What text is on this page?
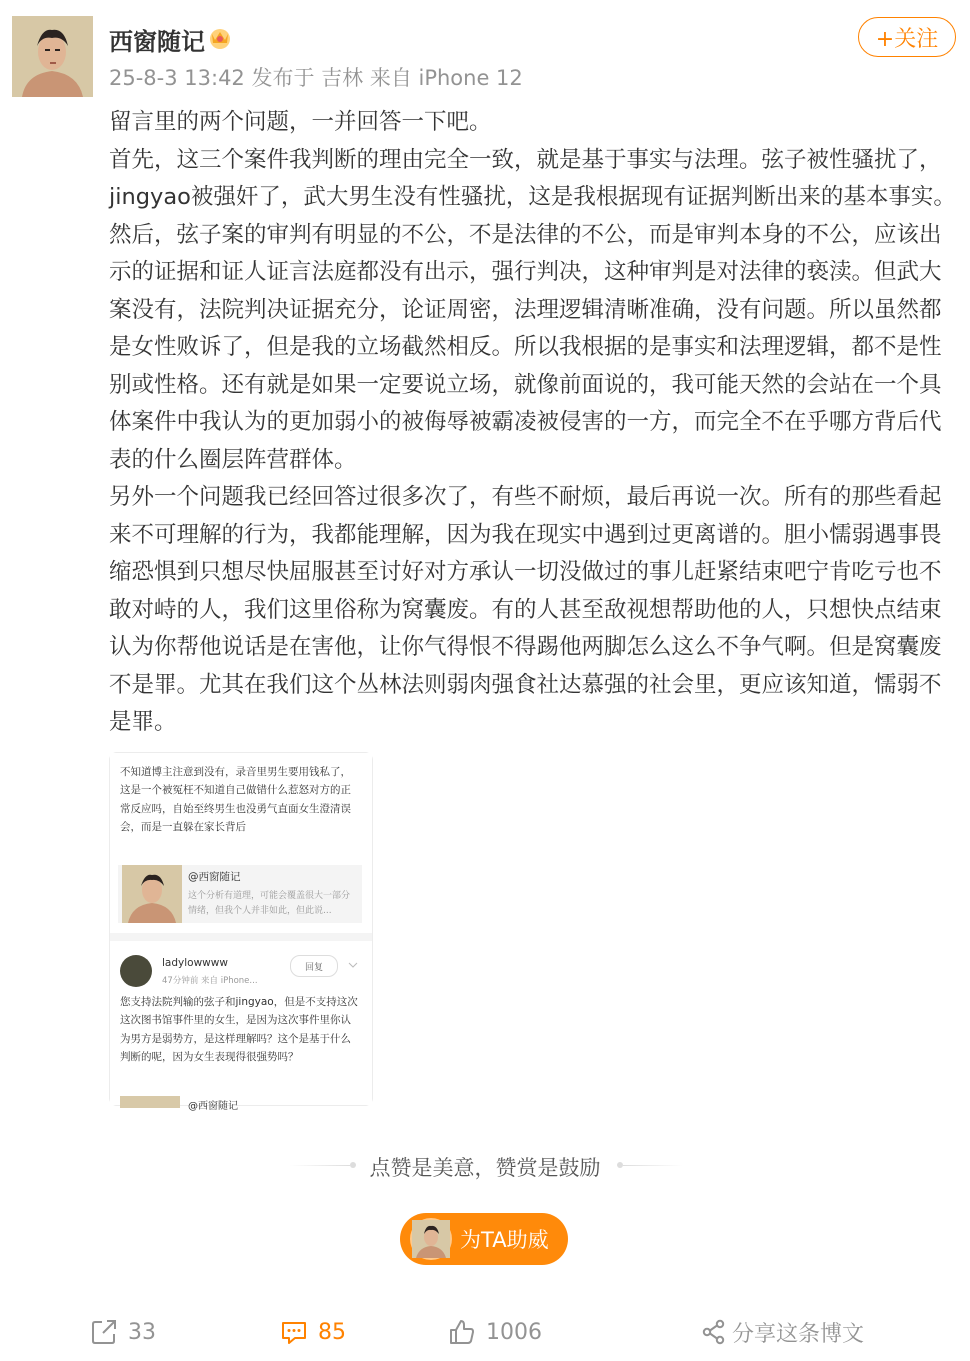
西窗随记	+关注
25-8-3 13:42 发布于 吉林 来自 iPhone 12

留言里的两个问题，一并回答一下吧。

首先，这三个案件我判断的理由完全一致，就是基于事实与法理。弦子被性骚扰了，jingyao被强奸了，武大男生没有性骚扰，这是我根据现有证据判断出来的基本事实。然后，弦子案的审判有明显的不公，不是法律的不公，而是审判本身的不公，应该出示的证据和证人证言法庭都没有出示，强行判决，这种审判是对法律的亵渎。但武大案没有，法院判决证据充分，论证周密，法理逻辑清晰准确，没有问题。所以虽然都是女性败诉了，但是我的立场截然相反。所以我根据的是事实和法理逻辑，都不是性别或性格。还有就是如果一定要说立场，就像前面说的，我可能天然的会站在一个具体案件中我认为的更加弱小的被侮辱被霸凌被侵害的一方，而完全不在乎哪方背后代表的什么圈层阵营群体。

另外一个问题我已经回答过很多次了，有些不耐烦，最后再说一次。所有的那些看起来不可理解的行为，我都能理解，因为我在现实中遇到过更离谱的。胆小懦弱遇事畏缩恐惧到只想尽快屈服甚至讨好对方承认一切没做过的事儿赶紧结束吧宁肯吃亏也不敢对峙的人，我们这里俗称为窝囊废。有的人甚至敌视想帮助他的人，只想快点结束认为你帮他说话是在害他，让你气得恨不得踢他两脚怎么这么不争气啊。但是窝囊废不是罪。尤其在我们这个丛林法则弱肉强食社达慕强的社会里，更应该知道，懦弱不是罪。

不知道博主注意到没有，录音里男生要用钱私了，这是一个被冤枉不知道自己做错什么惹怒对方的正常反应吗，自始至终男生也没勇气直面女生澄清误会，而是一直躲在家长背后
@西窗随记
这个分析有道理，可能会覆盖很大一部分情绪，但我个人并非如此，但此说...
ladylowwww
47分钟前 来自 iPhone...
回复
您支持法院判输的弦子和jingyao，但是不支持这次这次图书馆事件里的女生，是因为这次事件里你认为男方是弱势方，是这样理解吗？这个是基于什么判断的呢，因为女生表现得很强势吗？
@西窗随记
点赞是美意，赞赏是鼓励
为TA助威
33	85	1006	分享这条博文
